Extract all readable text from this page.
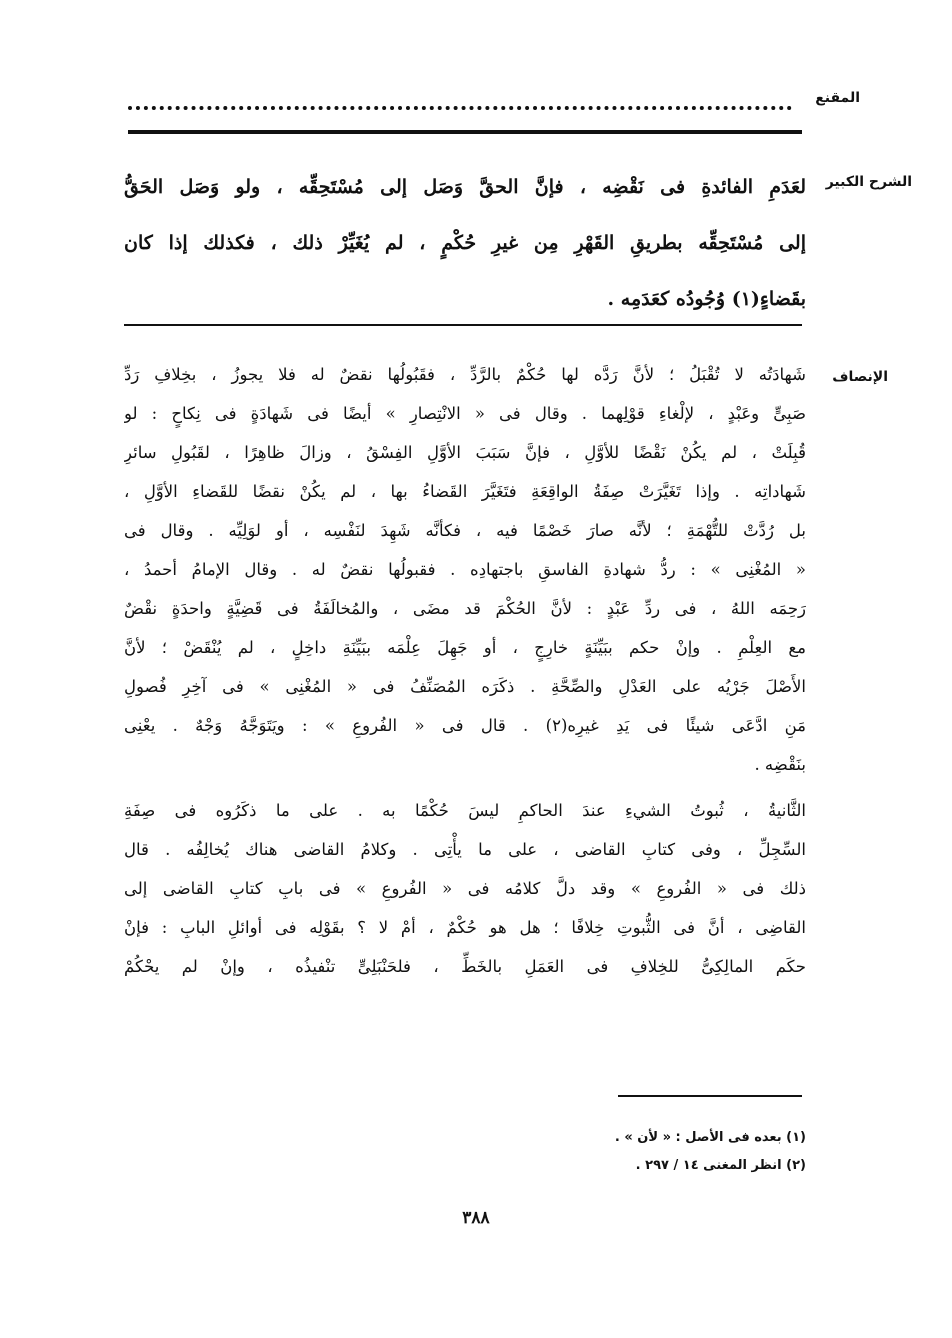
المقنع
الشرح الكبير
لعَدَمِ الفائدةِ فى نَقْضِه ، فإنَّ الحقَّ وَصَل إلى مُسْتَحِقِّه ، ولو وَصَل الحَقُّ
إلى مُسْتَحِقِّه بطريقِ القَهْرِ مِن غيرِ حُكْمٍ ، لم يُغَيِّرْ ذلك ، فكذلك إذا كان
بقَضاءٍ(١) وُجُودُه كعَدَمِه .
الإنصاف

شَهادَتُه لا تُقْبَلُ ؛ لأنَّ رَدَّه لها حُكْمٌ بالرَّدِّ ، فقَبُولُها نقضٌ له فلا يجوزُ ، بخِلافِ رَدِّ
صَبِىٍّ وعَبْدٍ ، لإلْغاءِ قوْلِهما . وقال فى « الانْتِصارِ » أيضًا فى شَهادَةٍ فى نِكاحٍ : لو
قُبِلَتْ ، لم يكُنْ نَقْضًا للأوَّلِ ، فإنَّ سَبَبَ الأوَّلِ الفِسْقُ ، وزالَ ظاهِرًا ، لقَبُولِ سائرِ
شَهاداتِه . وإذا تَغَيَّرَتْ صِفَةُ الواقِعَةِ فتَغَيَّرَ القَضاءُ بها ، لم يكُنْ نقضًا للقَضاءِ الأوَّلِ ،
بل رُدَّتْ للتُّهْمَةِ ؛ لأنَّه صارَ خَصْمًا فيه ، فكأنَّه شَهِدَ لنَفْسِه ، أو لوَلِيِّه . وقال فى
« المُغْنِى » : ردُّ شهادةِ الفاسقِ باجتهادِه . فقبولُها نقضٌ له . وقال الإمامُ أحمدُ ،
رَحِمَه اللهُ ، فى ردِّ عَبْدٍ : لأنَّ الحُكْمَ قد مضَى ، والمُخالَفَةُ فى قَضِيَّةٍ واحدَةٍ نقْضٌ
مع العِلْمِ . وإنْ حكم ببَيِّنَةٍ خارِجٍ ، أو جَهِلَ عِلْمَه ببَيِّنَةِ داخِلٍ ، لم يُنْقَضْ ؛ لأنَّ
الأَصْلَ جَرْيُه على العَدْلِ والصِّحَّةِ . ذكَرَه المُصَنِّفُ فى « المُغْنِى » فى آخِرِ فُصولِ
مَنِ ادَّعَى شيئًا فى يَدِ غيرِه(٢) . قال فى « الفُروعِ » : ويَتَوَجَّهُ وَجْهٌ . يعْنِى
بنَقْضِه .

الثَّانيةُ ، ثُبوتُ الشيءِ عندَ الحاكمِ ليسَ حُكْمًا به . على ما ذكَرُوه فى صِفَةِ
السِّجِلِّ ، وفى كتابِ القاضى ، على ما يأْتِى . وكلامُ القاضى هناك يُخالِفُه . قال
ذلك فى « الفُروعِ » وقد دلَّ كلامُه فى « الفُروعِ » فى بابِ كتابِ القاضى إلى
القاضِى ، أنَّ فى الثُّبوتِ خِلافًا ؛ هل هو حُكْمٌ ، أمْ لا ؟ بقَوْلِه فى أوائلِ البابِ : فإنْ
حكَم المالِكِىُّ للخِلافِ فى العَمَلِ بالخَطِّ ، فلحَنْبَلِىٍّ تنْفيذُه ، وإنْ لم يحْكُمْ

(١) بعده فى الأصل : « لأن » .
(٢) انظر المغنى ١٤ / ٢٩٧ .
٣٨٨
